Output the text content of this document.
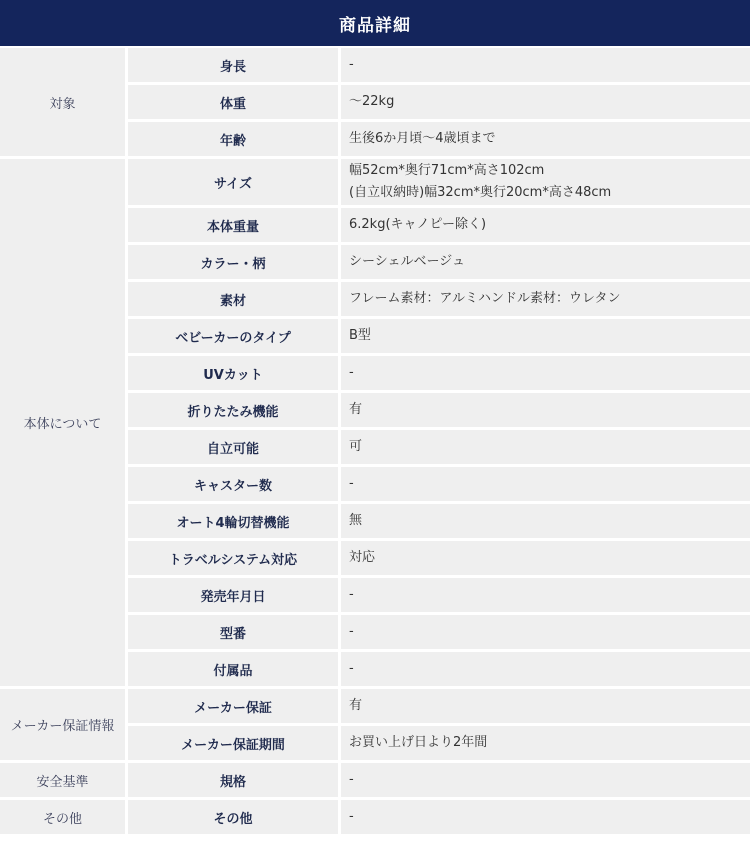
商品詳細
対象	身長	-

	体重	～22kg

	年齢	生後6か月頃～4歳頃まで

本体について	サイズ	幅52cm*奥行71cm*高さ102cm
(自立収納時)幅32cm*奥行20cm*高さ48cm

	本体重量	6.2kg(キャノピー除く)

	カラー・柄	シーシェルベージュ

	素材	フレーム素材：アルミハンドル素材：ウレタン

	ベビーカーのタイプ	B型

	UVカット	-

	折りたたみ機能	有

	自立可能	可

	キャスター数	-

	オート4輪切替機能	無

	トラベルシステム対応	対応

	発売年月日	-

	型番	-

	付属品	-

メーカー保証情報	メーカー保証	有

	メーカー保証期間	お買い上げ日より2年間

安全基準	規格	-

その他	その他	-
